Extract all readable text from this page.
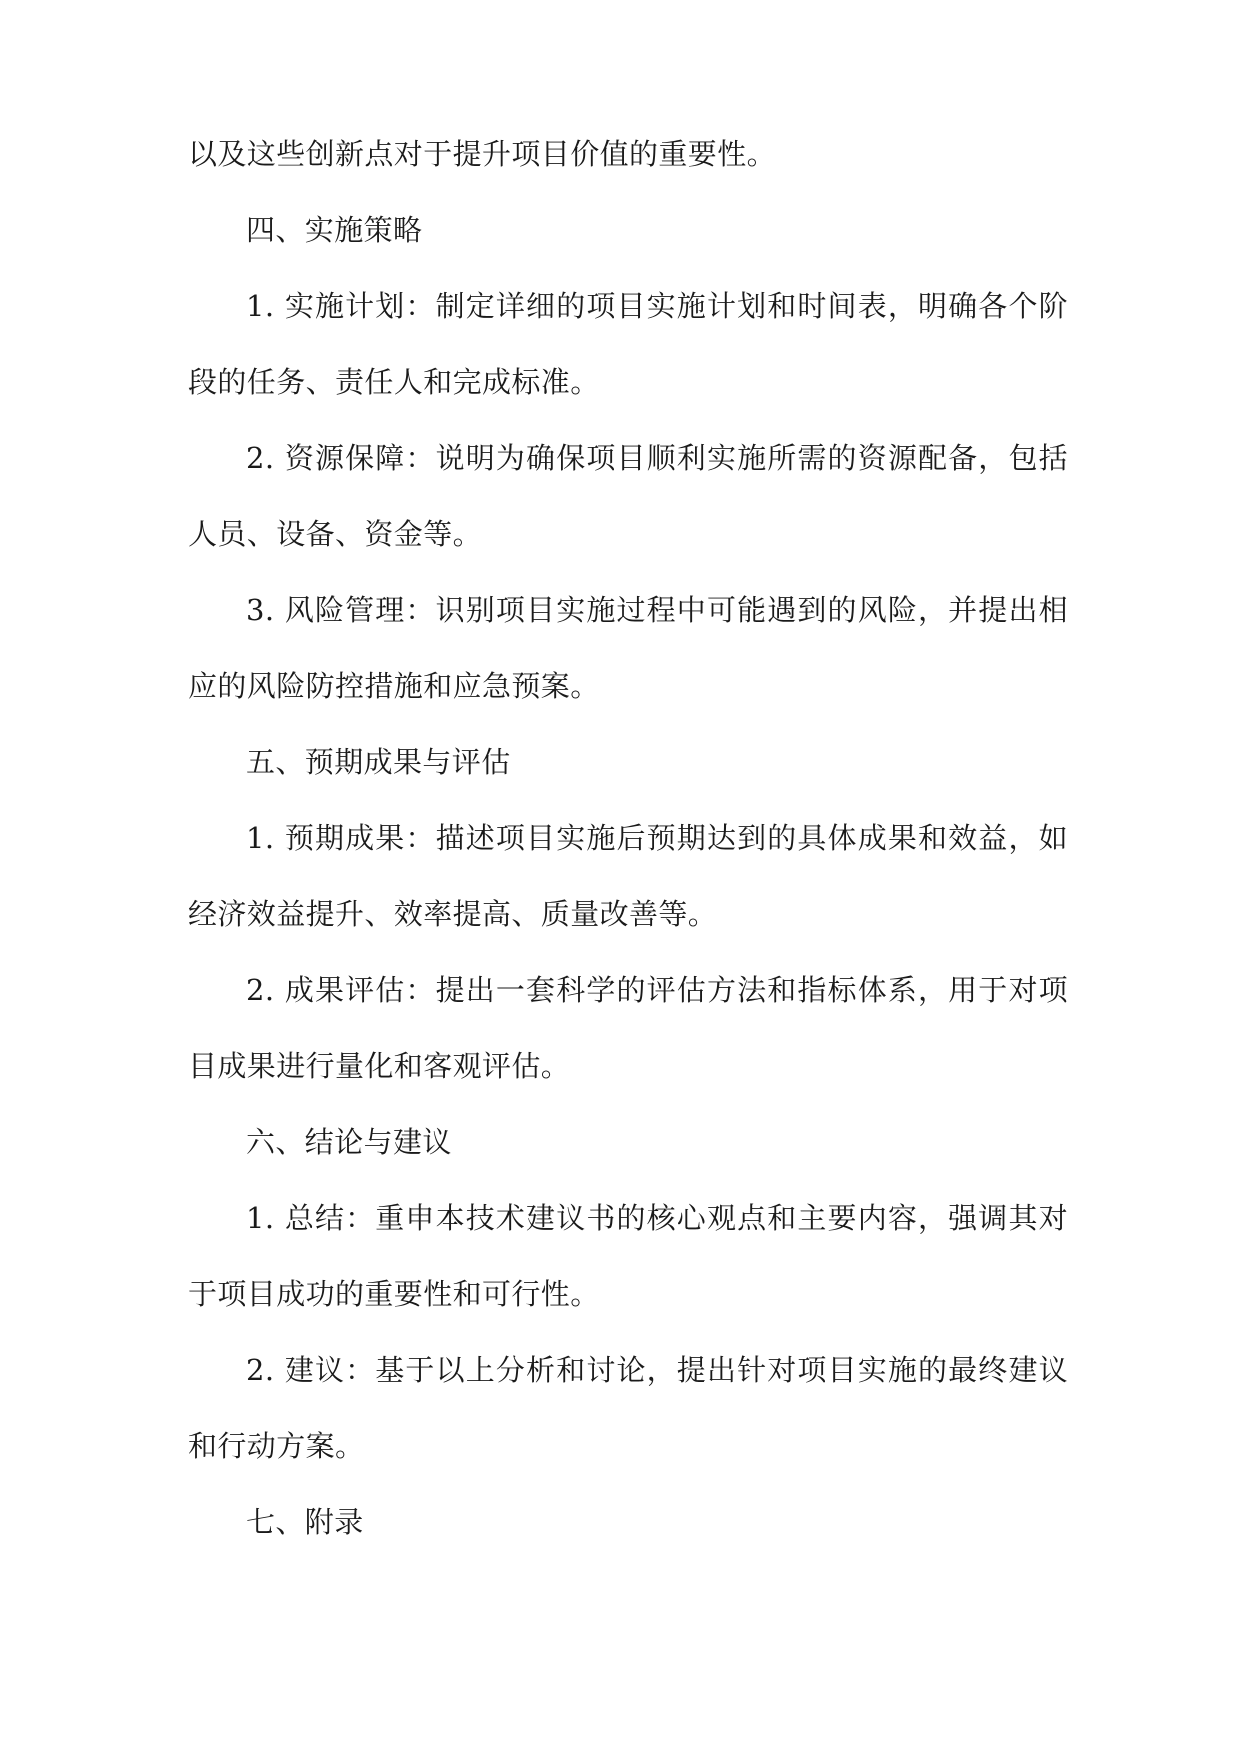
以及这些创新点对于提升项目价值的重要性。
四、实施策略
1. 实施计划：制定详细的项目实施计划和时间表，明确各个阶
段的任务、责任人和完成标准。
2. 资源保障：说明为确保项目顺利实施所需的资源配备，包括
人员、设备、资金等。
3. 风险管理：识别项目实施过程中可能遇到的风险，并提出相
应的风险防控措施和应急预案。
五、预期成果与评估
1. 预期成果：描述项目实施后预期达到的具体成果和效益，如
经济效益提升、效率提高、质量改善等。
2. 成果评估：提出一套科学的评估方法和指标体系，用于对项
目成果进行量化和客观评估。
六、结论与建议
1. 总结：重申本技术建议书的核心观点和主要内容，强调其对
于项目成功的重要性和可行性。
2. 建议：基于以上分析和讨论，提出针对项目实施的最终建议
和行动方案。
七、附录
